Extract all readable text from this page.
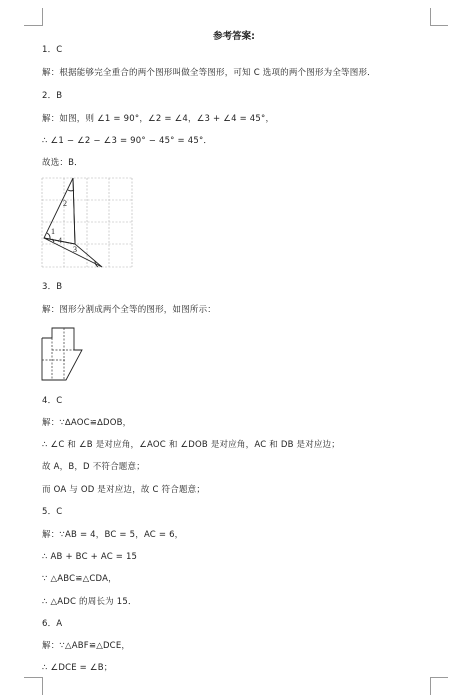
参考答案:
1．C
解：根据能够完全重合的两个图形叫做全等图形，可知 C 选项的两个图形为全等图形．
2．B
解：如图，则 ∠1 = 90°，∠2 = ∠4，∠3 + ∠4 = 45°，
∴ ∠1 − ∠2 − ∠3 = 90° − 45° = 45°．
故选：B．
2
1
4
3
3．B
解：图形分割成两个全等的图形，如图所示：
4．C
解：∵∆AOC≌∆DOB，
∴ ∠C 和 ∠B 是对应角，∠AOC 和 ∠DOB 是对应角，AC 和 DB 是对应边；
故 A，B，D 不符合题意；
而 OA 与 OD 是对应边，故 C 符合题意；
5．C
解：∵AB = 4，BC = 5，AC = 6，
∴ AB + BC + AC = 15
∵ △ABC≌△CDA，
∴ △ADC 的周长为 15．
6．A
解：∵△ABF≌△DCE，
∴ ∠DCE = ∠B；
